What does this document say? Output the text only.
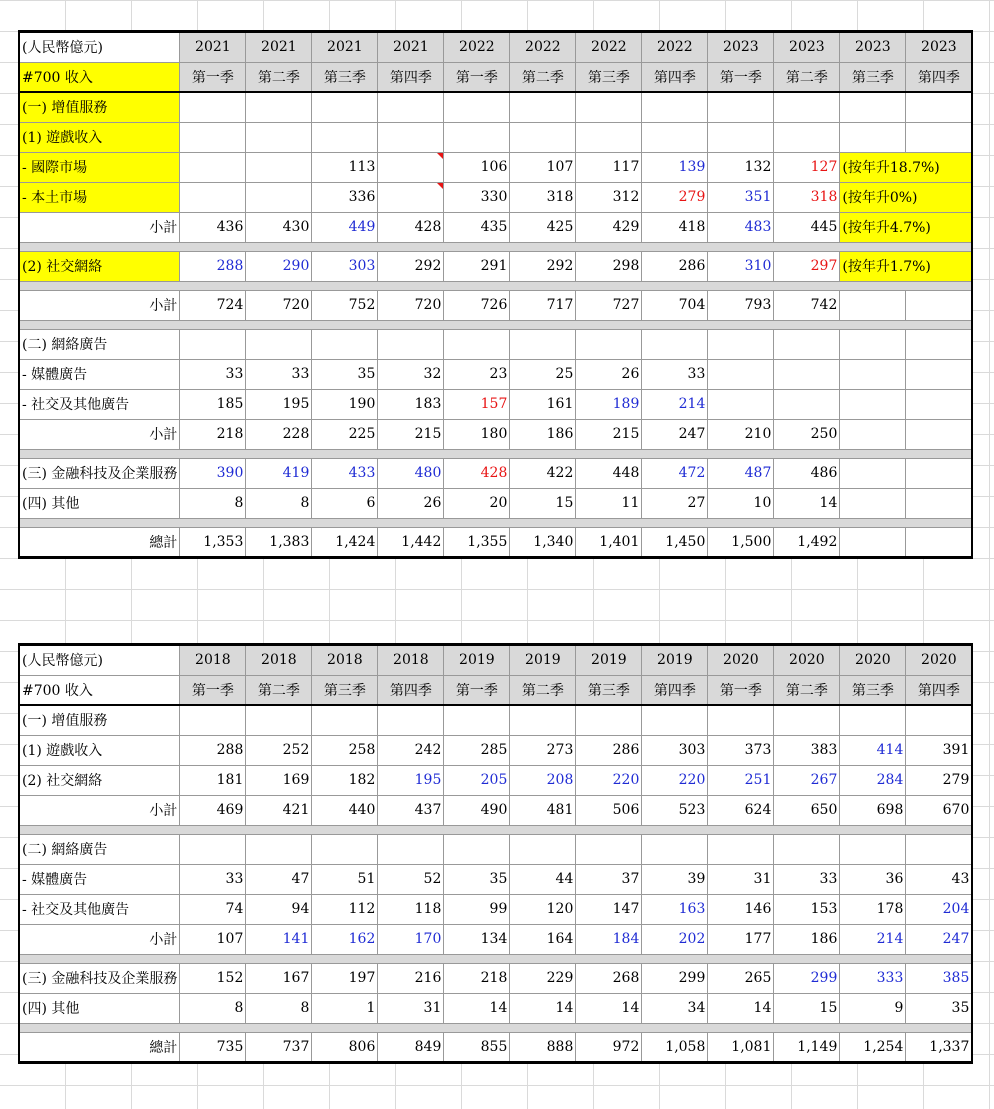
(人民幣億元)	2021	2021	2021	2021	2022	2022	2022	2022	2023	2023	2023	2023
#700 收入	第一季	第二季	第三季	第四季	第一季	第二季	第三季	第四季	第一季	第二季	第三季	第四季
(一) 增值服務												
(1) 遊戲收入												
- 國際市場			113		106	107	117	139	132	127	(按年升18.7%)	
- 本土市場			336		330	318	312	279	351	318	(按年升0%)	
小計	436	430	449	428	435	425	429	418	483	445	(按年升4.7%)	

(2) 社交網絡	288	290	303	292	291	292	298	286	310	297	(按年升1.7%)	

小計	724	720	752	720	726	717	727	704	793	742		

(二) 網絡廣告												
- 媒體廣告	33	33	35	32	23	25	26	33				
- 社交及其他廣告	185	195	190	183	157	161	189	214				
小計	218	228	225	215	180	186	215	247	210	250		

(三) 金融科技及企業服務	390	419	433	480	428	422	448	472	487	486		
(四) 其他	8	8	6	26	20	15	11	27	10	14		

總計	1,353	1,383	1,424	1,442	1,355	1,340	1,401	1,450	1,500	1,492		
(人民幣億元)	2018	2018	2018	2018	2019	2019	2019	2019	2020	2020	2020	2020
#700 收入	第一季	第二季	第三季	第四季	第一季	第二季	第三季	第四季	第一季	第二季	第三季	第四季
(一) 增值服務												
(1) 遊戲收入	288	252	258	242	285	273	286	303	373	383	414	391
(2) 社交網絡	181	169	182	195	205	208	220	220	251	267	284	279
小計	469	421	440	437	490	481	506	523	624	650	698	670

(二) 網絡廣告												
- 媒體廣告	33	47	51	52	35	44	37	39	31	33	36	43
- 社交及其他廣告	74	94	112	118	99	120	147	163	146	153	178	204
小計	107	141	162	170	134	164	184	202	177	186	214	247

(三) 金融科技及企業服務	152	167	197	216	218	229	268	299	265	299	333	385
(四) 其他	8	8	1	31	14	14	14	34	14	15	9	35

總計	735	737	806	849	855	888	972	1,058	1,081	1,149	1,254	1,337
